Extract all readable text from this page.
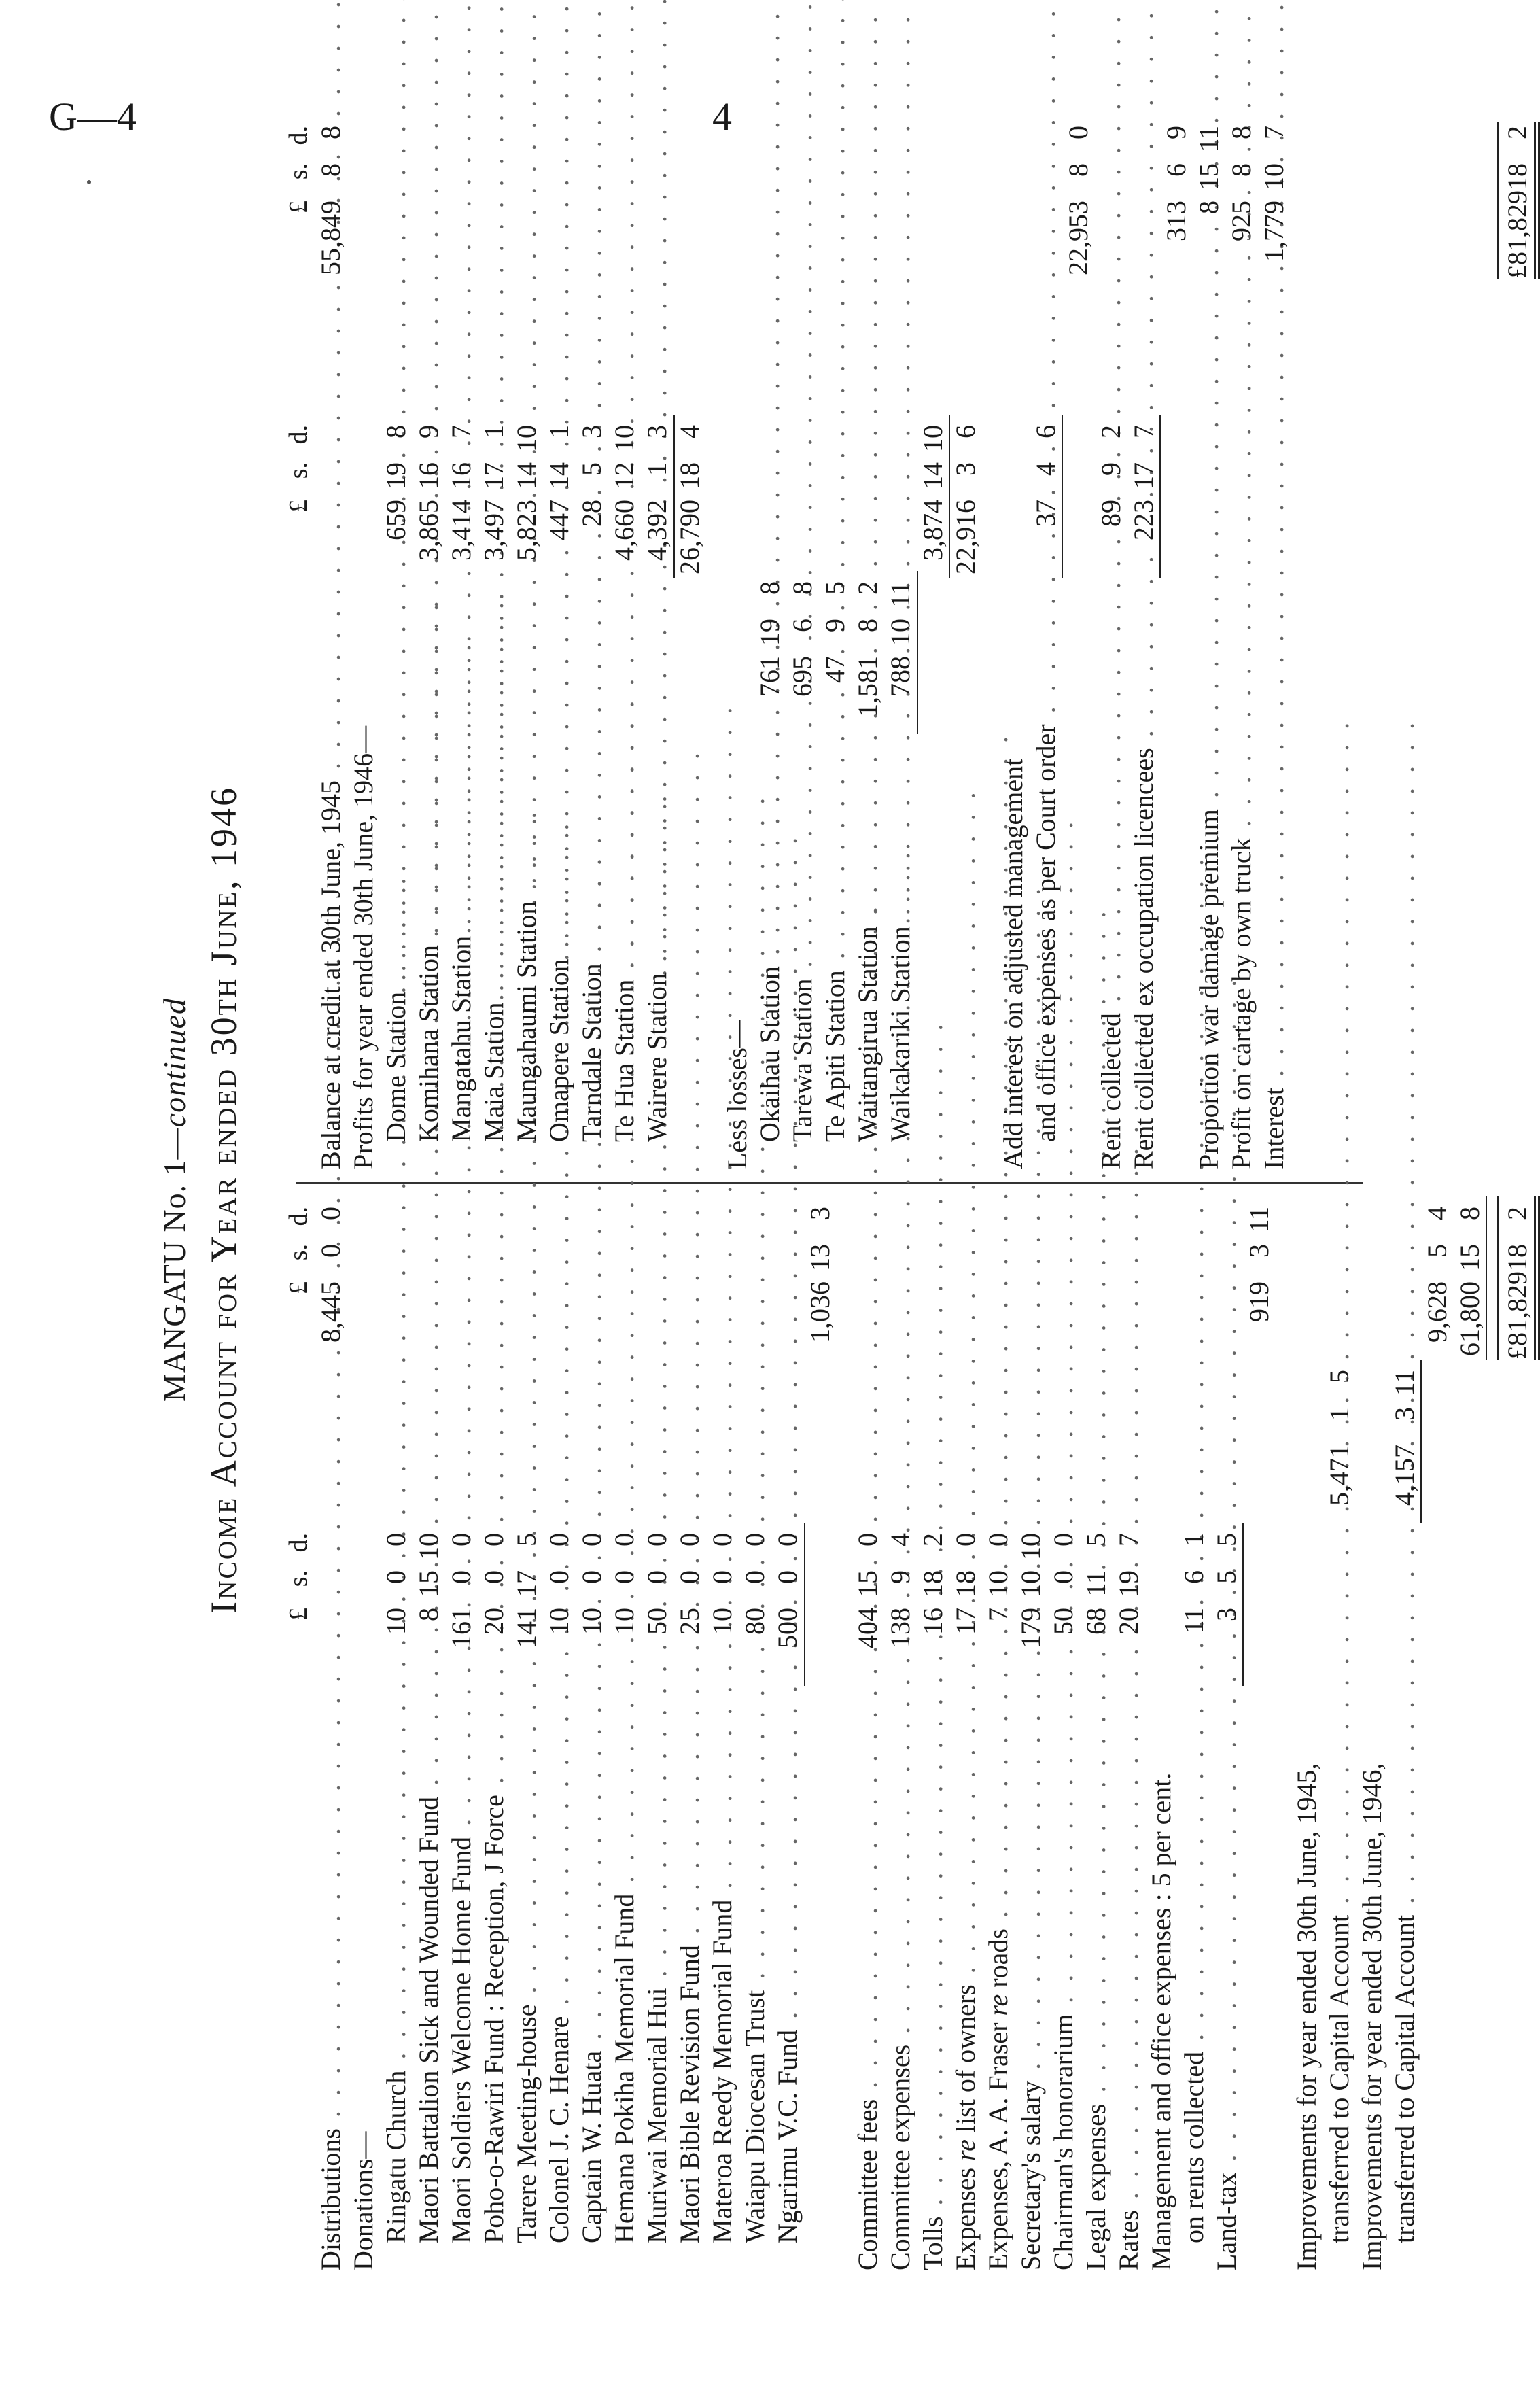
G—4	4
MANGATU No. 1—continued Income Account for Year ended 30th June, 1946
£s.d.
£s.d.
Distributions . . .
8,44500
Donations— Ringatu Church . . .
1000
Maori Battalion Sick and Wounded Fund . . .
81510
Maori Soldiers Welcome Home Fund . . .
16100
Poho-o-Rawiri Fund : Reception, J Force . . .
2000
Tarere Meeting-house . . .
141175
Colonel J. C. Henare . . .
1000
Captain W. Huata . . .
1000
Hemana Pokiha Memorial Fund . . .
1000
Muriwai Memorial Hui . . .
5000
Maori Bible Revision Fund . . .
2500
Materoa Reedy Memorial Fund . . .
1000
Waiapu Diocesan Trust . . .
8000
Ngarimu V.C. Fund . . .
50000
1,036133
Committee fees . . .
404150
Committee expenses . . .
13894
Tolls . . .
16182
Expenses re list of owners . . .
17180
Expenses, A. A. Fraser re roads . . .
7100
Secretary's salary . . .
1791010
Chairman's honorarium . . .
5000
Legal expenses . . .
68115
Rates . . .
20197
Management and office expenses : 5 per cent. on rents collected . . .
1161
Land-tax . . .
355
919311
Improvements for year ended 30th June, 1945, transferred to Capital Account . . .
5,47115
Improvements for year ended 30th June, 1946, transferred to Capital Account . . .
4,157311
9,62854
61,800158
£81,829182
£s.d.
£s.d.
Balance at credit at 30th June, 1945 . . .
55,84988
Profits for year ended 30th June, 1946— Dome Station . . .
659198
Komihana Station . . .
3,865169
Mangatahu Station . . .
3,414167
Maia Station . . .
3,497171
Maungahaumi Station . . .
5,8231410
Omapere Station . . .
447141
Tarndale Station . . .
2853
Te Hua Station . . .
4,6601210
Wairere Station . . .
4,39213
26,790184
Less losses— Okaihau Station . . .
761198
Tarewa Station . . .
69568
Te Apiti Station . . .
4795
Waitangirua Station . . .
1,58182
Waikakariki Station . . .
7881011
3,8741410
22,91636
Add interest on adjusted management and office expenses as per Court order . . .
3746
22,95380
Rent collected . . .
8992
Rent collected ex occupation licencees . . .
223177
31369
Proportion war damage premium . . .
81511
Profit on cartage by own truck . . .
92588
Interest . . .
1,779107
£81,829182
